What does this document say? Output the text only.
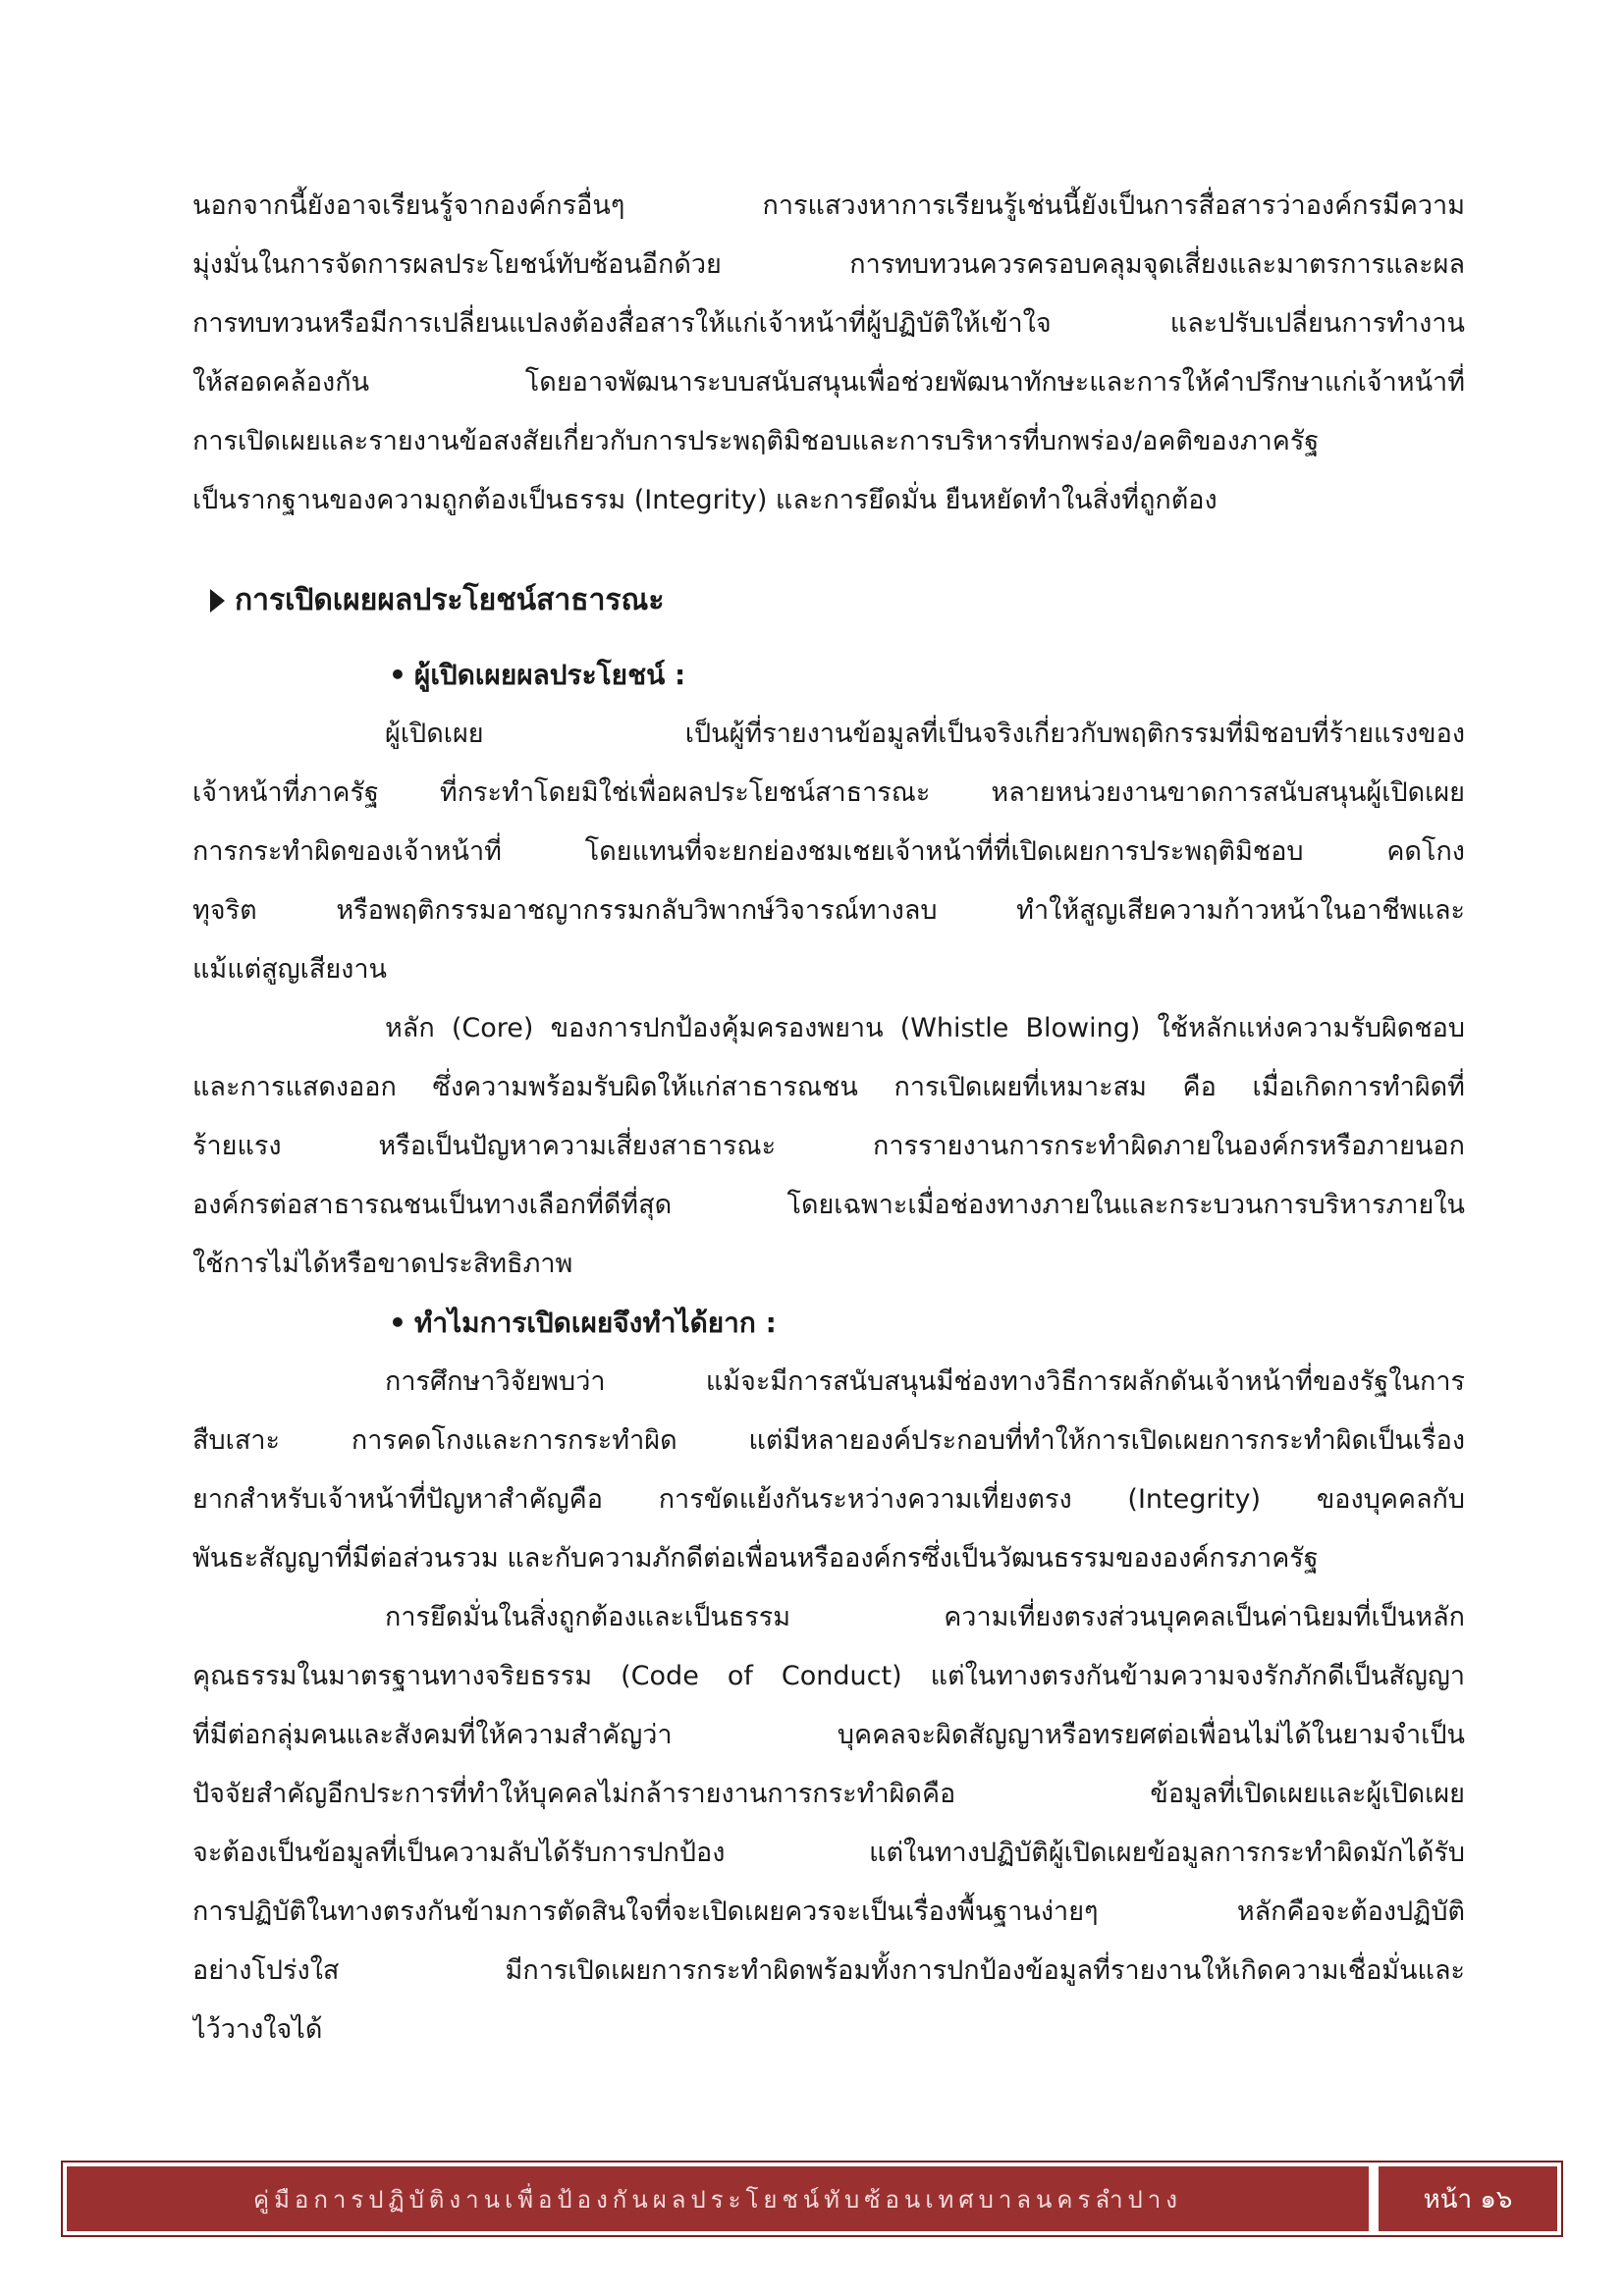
นอกจากนี้ยังอาจเรียนรู้จากองค์กรอื่นๆ การแสวงหาการเรียนรู้เช่นนี้ยังเป็นการสื่อสารว่าองค์กรมีความ
มุ่งมั่นในการจัดการผลประโยชน์ทับซ้อนอีกด้วย การทบทวนควรครอบคลุมจุดเสี่ยงและมาตรการและผล
การทบทวนหรือมีการเปลี่ยนแปลงต้องสื่อสารให้แก่เจ้าหน้าที่ผู้ปฏิบัติให้เข้าใจ และปรับเปลี่ยนการทำงาน
ให้สอดคล้องกัน โดยอาจพัฒนาระบบสนับสนุนเพื่อช่วยพัฒนาทักษะและการให้คำปรึกษาแก่เจ้าหน้าที่
การเปิดเผยและรายงานข้อสงสัยเกี่ยวกับการประพฤติมิชอบและการบริหารที่บกพร่อง/อคติของภาครัฐ
เป็นรากฐานของความถูกต้องเป็นธรรม (Integrity) และการยึดมั่น ยืนหยัดทำในสิ่งที่ถูกต้อง
การเปิดเผยผลประโยชน์สาธารณะ
• ผู้เปิดเผยผลประโยชน์ :
ผู้เปิดเผย เป็นผู้ที่รายงานข้อมูลที่เป็นจริงเกี่ยวกับพฤติกรรมที่มิชอบที่ร้ายแรงของ
เจ้าหน้าที่ภาครัฐ ที่กระทำโดยมิใช่เพื่อผลประโยชน์สาธารณะ หลายหน่วยงานขาดการสนับสนุนผู้เปิดเผย
การกระทำผิดของเจ้าหน้าที่ โดยแทนที่จะยกย่องชมเชยเจ้าหน้าที่ที่เปิดเผยการประพฤติมิชอบ คดโกง
ทุจริต หรือพฤติกรรมอาชญากรรมกลับวิพากษ์วิจารณ์ทางลบ ทำให้สูญเสียความก้าวหน้าในอาชีพและ
แม้แต่สูญเสียงาน
หลัก (Core) ของการปกป้องคุ้มครองพยาน (Whistle Blowing) ใช้หลักแห่งความรับผิดชอบ
และการแสดงออก ซึ่งความพร้อมรับผิดให้แก่สาธารณชน การเปิดเผยที่เหมาะสม คือ เมื่อเกิดการทำผิดที่
ร้ายแรง หรือเป็นปัญหาความเสี่ยงสาธารณะ การรายงานการกระทำผิดภายในองค์กรหรือภายนอก
องค์กรต่อสาธารณชนเป็นทางเลือกที่ดีที่สุด โดยเฉพาะเมื่อช่องทางภายในและกระบวนการบริหารภายใน
ใช้การไม่ได้หรือขาดประสิทธิภาพ
• ทำไมการเปิดเผยจึงทำได้ยาก :
การศึกษาวิจัยพบว่า แม้จะมีการสนับสนุนมีช่องทางวิธีการผลักดันเจ้าหน้าที่ของรัฐในการ
สืบเสาะ การคดโกงและการกระทำผิด แต่มีหลายองค์ประกอบที่ทำให้การเปิดเผยการกระทำผิดเป็นเรื่อง
ยากสำหรับเจ้าหน้าที่ปัญหาสำคัญคือ การขัดแย้งกันระหว่างความเที่ยงตรง (Integrity) ของบุคคลกับ
พันธะสัญญาที่มีต่อส่วนรวม และกับความภักดีต่อเพื่อนหรือองค์กรซึ่งเป็นวัฒนธรรมขององค์กรภาครัฐ
การยึดมั่นในสิ่งถูกต้องและเป็นธรรม ความเที่ยงตรงส่วนบุคคลเป็นค่านิยมที่เป็นหลัก
คุณธรรมในมาตรฐานทางจริยธรรม (Code of Conduct) แต่ในทางตรงกันข้ามความจงรักภักดีเป็นสัญญา
ที่มีต่อกลุ่มคนและสังคมที่ให้ความสำคัญว่า บุคคลจะผิดสัญญาหรือทรยศต่อเพื่อนไม่ได้ในยามจำเป็น
ปัจจัยสำคัญอีกประการที่ทำให้บุคคลไม่กล้ารายงานการกระทำผิดคือ ข้อมูลที่เปิดเผยและผู้เปิดเผย
จะต้องเป็นข้อมูลที่เป็นความลับได้รับการปกป้อง แต่ในทางปฏิบัติผู้เปิดเผยข้อมูลการกระทำผิดมักได้รับ
การปฏิบัติในทางตรงกันข้ามการตัดสินใจที่จะเปิดเผยควรจะเป็นเรื่องพื้นฐานง่ายๆ หลักคือจะต้องปฏิบัติ
อย่างโปร่งใส มีการเปิดเผยการกระทำผิดพร้อมทั้งการปกป้องข้อมูลที่รายงานให้เกิดความเชื่อมั่นและ
ไว้วางใจได้
คู่มือการปฏิบัติงานเพื่อป้องกันผลประโยชน์ทับซ้อนเทศบาลนครลำปาง	หน้า ๑๖
